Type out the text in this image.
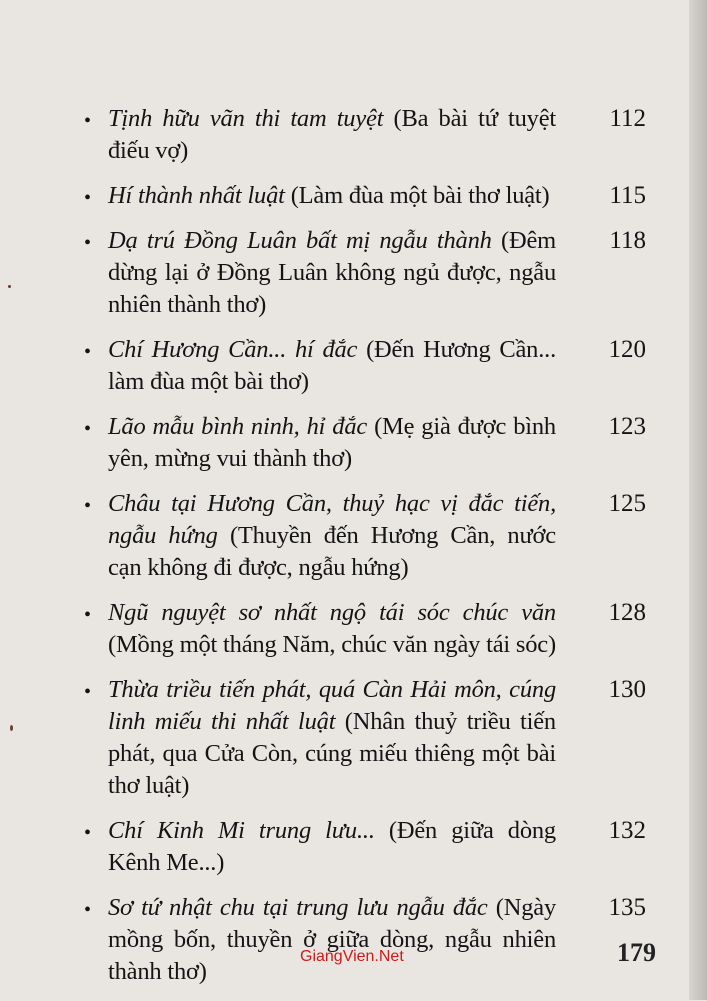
• Tịnh hữu vãn thi tam tuyệt (Ba bài tứ tuyệt điếu vợ)
112
• Hí thành nhất luật (Làm đùa một bài thơ luật)	115
• Dạ trú Đồng Luân bất mị ngẫu thành (Đêm dừng lại ở Đồng Luân không ngủ được, ngẫu nhiên thành thơ)
118
• Chí Hương Cần... hí đắc (Đến Hương Cần... làm đùa một bài thơ)
120
• Lão mẫu bình ninh, hỉ đắc (Mẹ già được bình yên, mừng vui thành thơ)
123
• Châu tại Hương Cần, thuỷ hạc vị đắc tiến, ngẫu hứng (Thuyền đến Hương Cần, nước cạn không đi được, ngẫu hứng)
125
• Ngũ nguyệt sơ nhất ngộ tái sóc chúc văn (Mồng một tháng Năm, chúc văn ngày tái sóc)
128
• Thừa triều tiến phát, quá Càn Hải môn, cúng linh miếu thi nhất luật (Nhân thuỷ triều tiến phát, qua Cửa Còn, cúng miếu thiêng một bài thơ luật)
130
• Chí Kinh Mi trung lưu... (Đến giữa dòng Kênh Me...)
132
• Sơ tứ nhật chu tại trung lưu ngẫu đắc (Ngày mồng bốn, thuyền ở giữa dòng, ngẫu nhiên thành thơ)
135
GiangVien.Net	179
